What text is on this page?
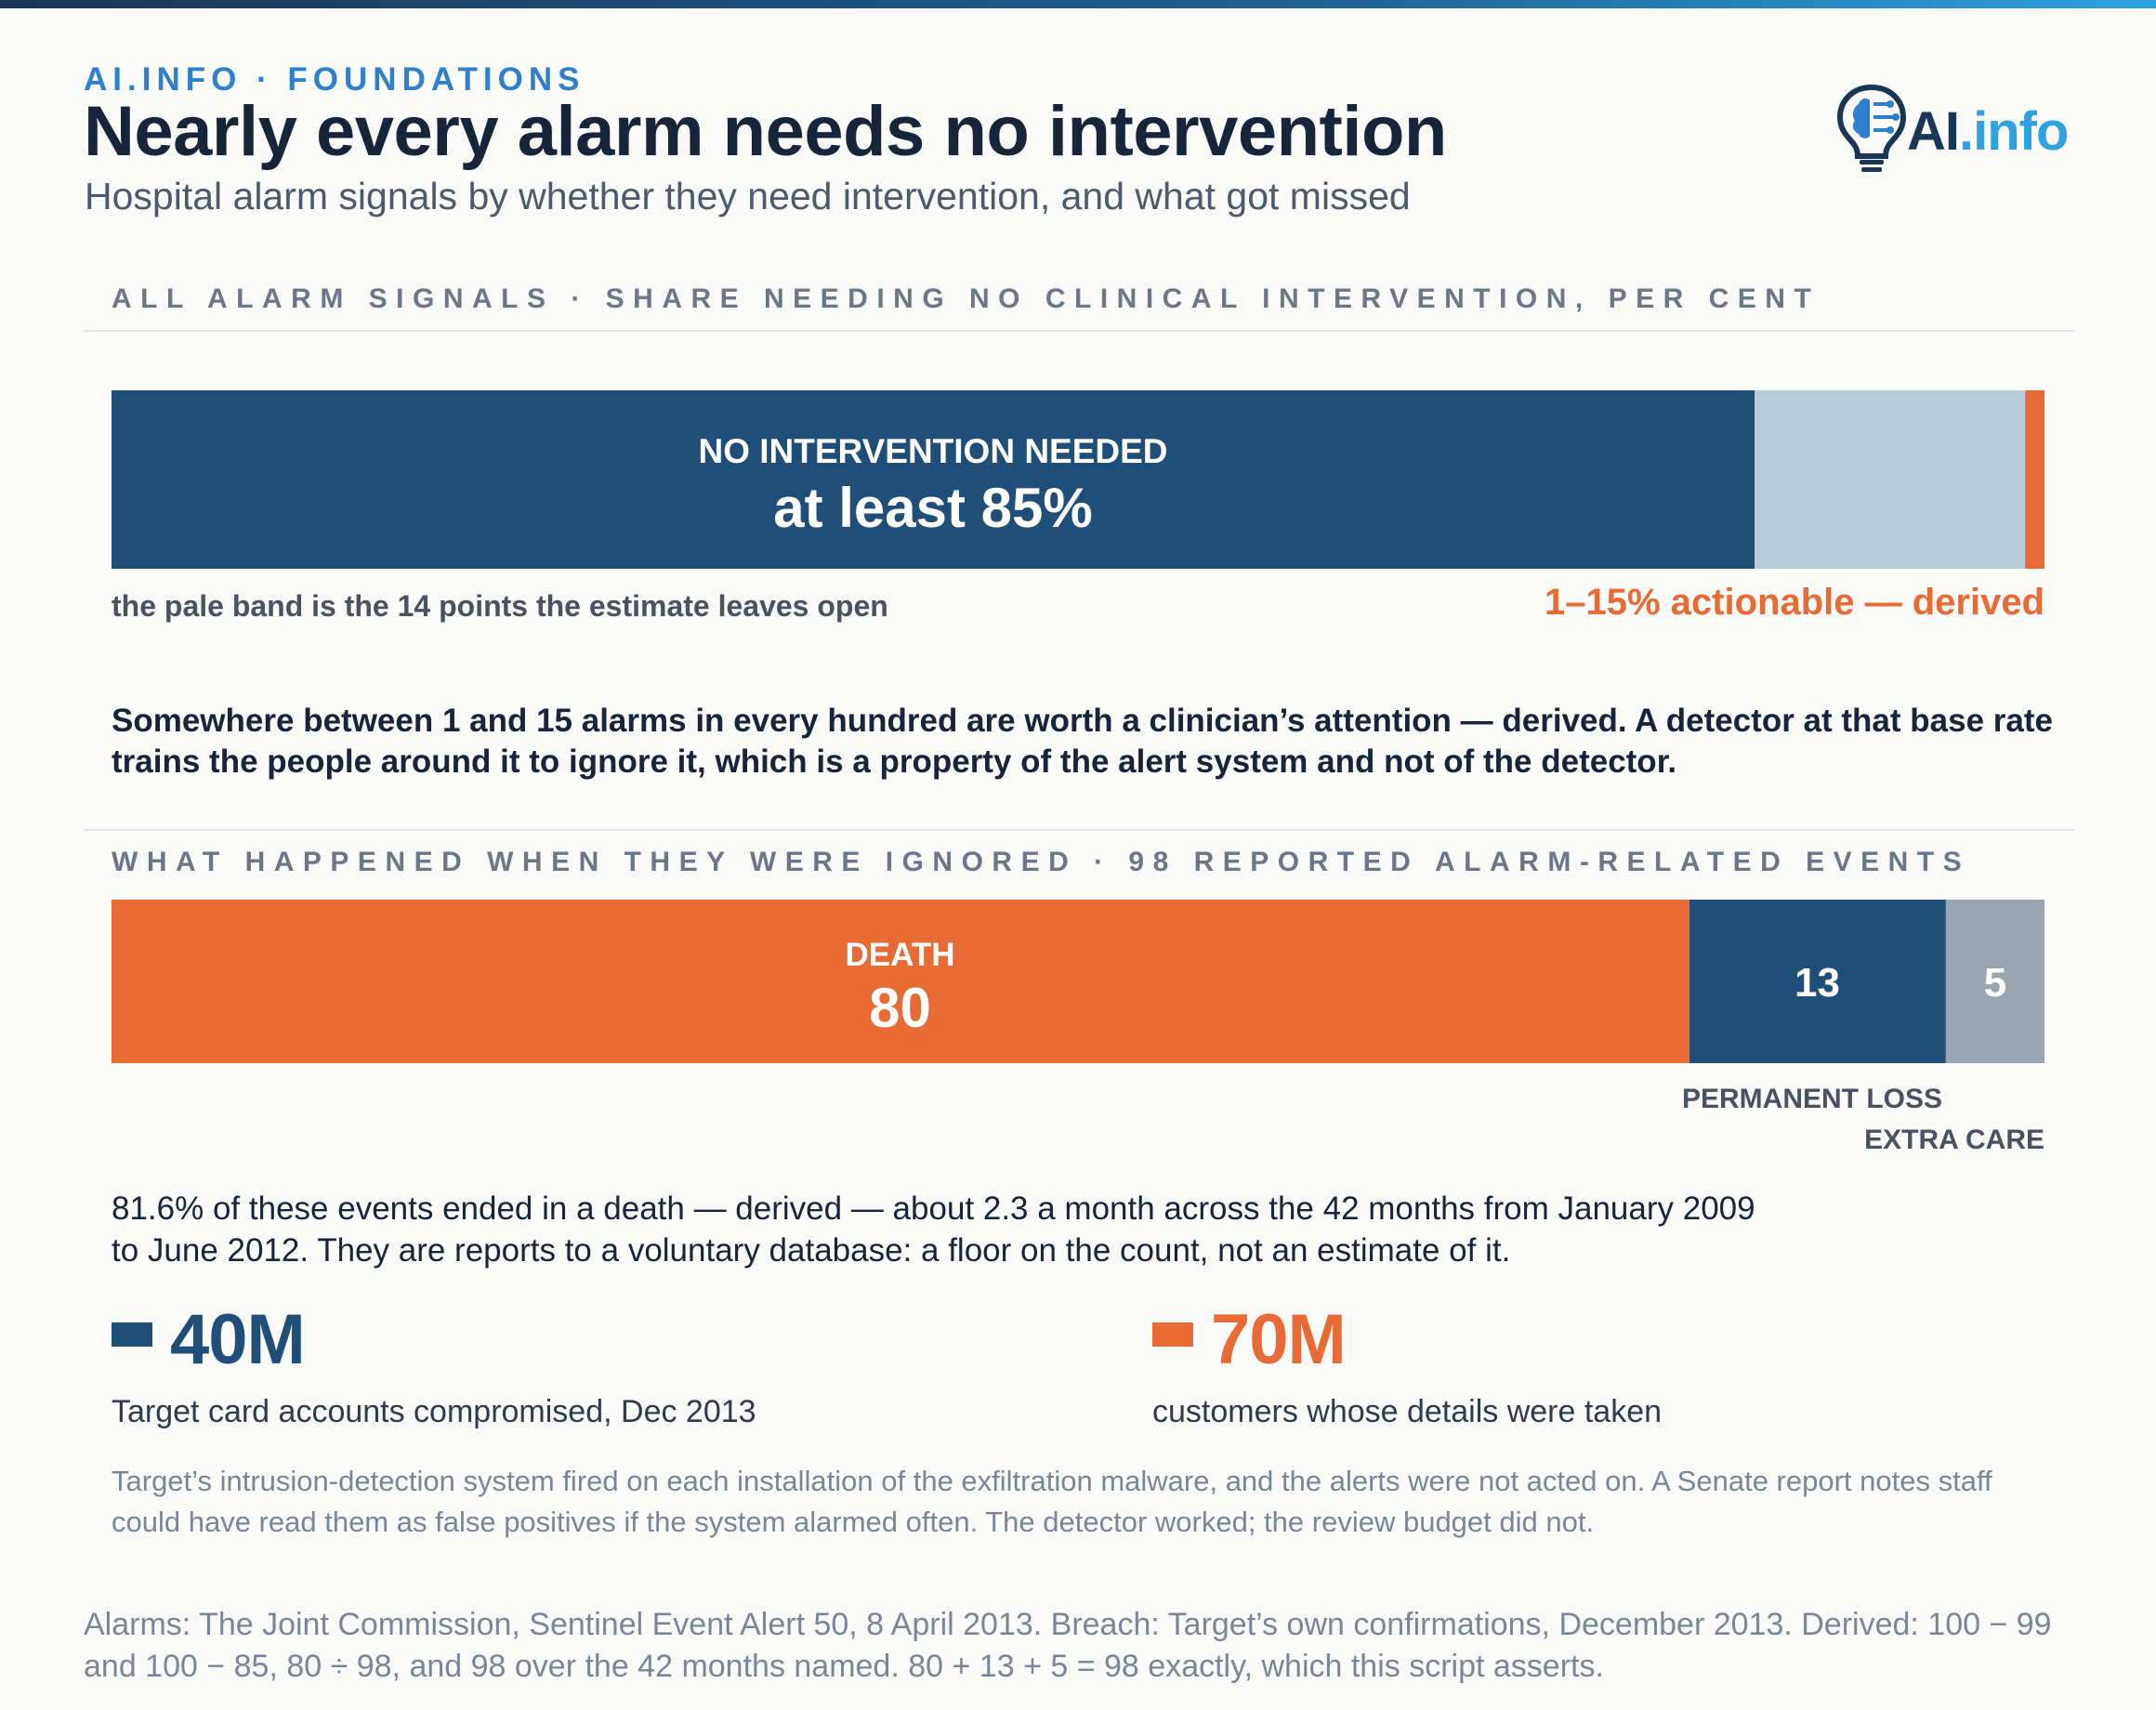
AI.INFO · FOUNDATIONS
Nearly every alarm needs no intervention
Hospital alarm signals by whether they need intervention, and what got missed
AI.info
ALL ALARM SIGNALS · SHARE NEEDING NO CLINICAL INTERVENTION, PER CENT
NO INTERVENTION NEEDED
at least 85%
the pale band is the 14 points the estimate leaves open	1–15% actionable — derived
Somewhere between 1 and 15 alarms in every hundred are worth a clinician’s attention — derived. A detector at that base rate trains the people around it to ignore it, which is a property of the alert system and not of the detector.
WHAT HAPPENED WHEN THEY WERE IGNORED · 98 REPORTED ALARM-RELATED EVENTS
DEATH
80	13	5
PERMANENT LOSS
EXTRA CARE
81.6% of these events ended in a death — derived — about 2.3 a month across the 42 months from January 2009 to June 2012. They are reports to a voluntary database: a floor on the count, not an estimate of it.
40M
Target card accounts compromised, Dec 2013
70M
customers whose details were taken
Target’s intrusion-detection system fired on each installation of the exfiltration malware, and the alerts were not acted on. A Senate report notes staff could have read them as false positives if the system alarmed often. The detector worked; the review budget did not.
Alarms: The Joint Commission, Sentinel Event Alert 50, 8 April 2013. Breach: Target’s own confirmations, December 2013. Derived: 100 − 99 and 100 − 85, 80 ÷ 98, and 98 over the 42 months named. 80 + 13 + 5 = 98 exactly, which this script asserts.
